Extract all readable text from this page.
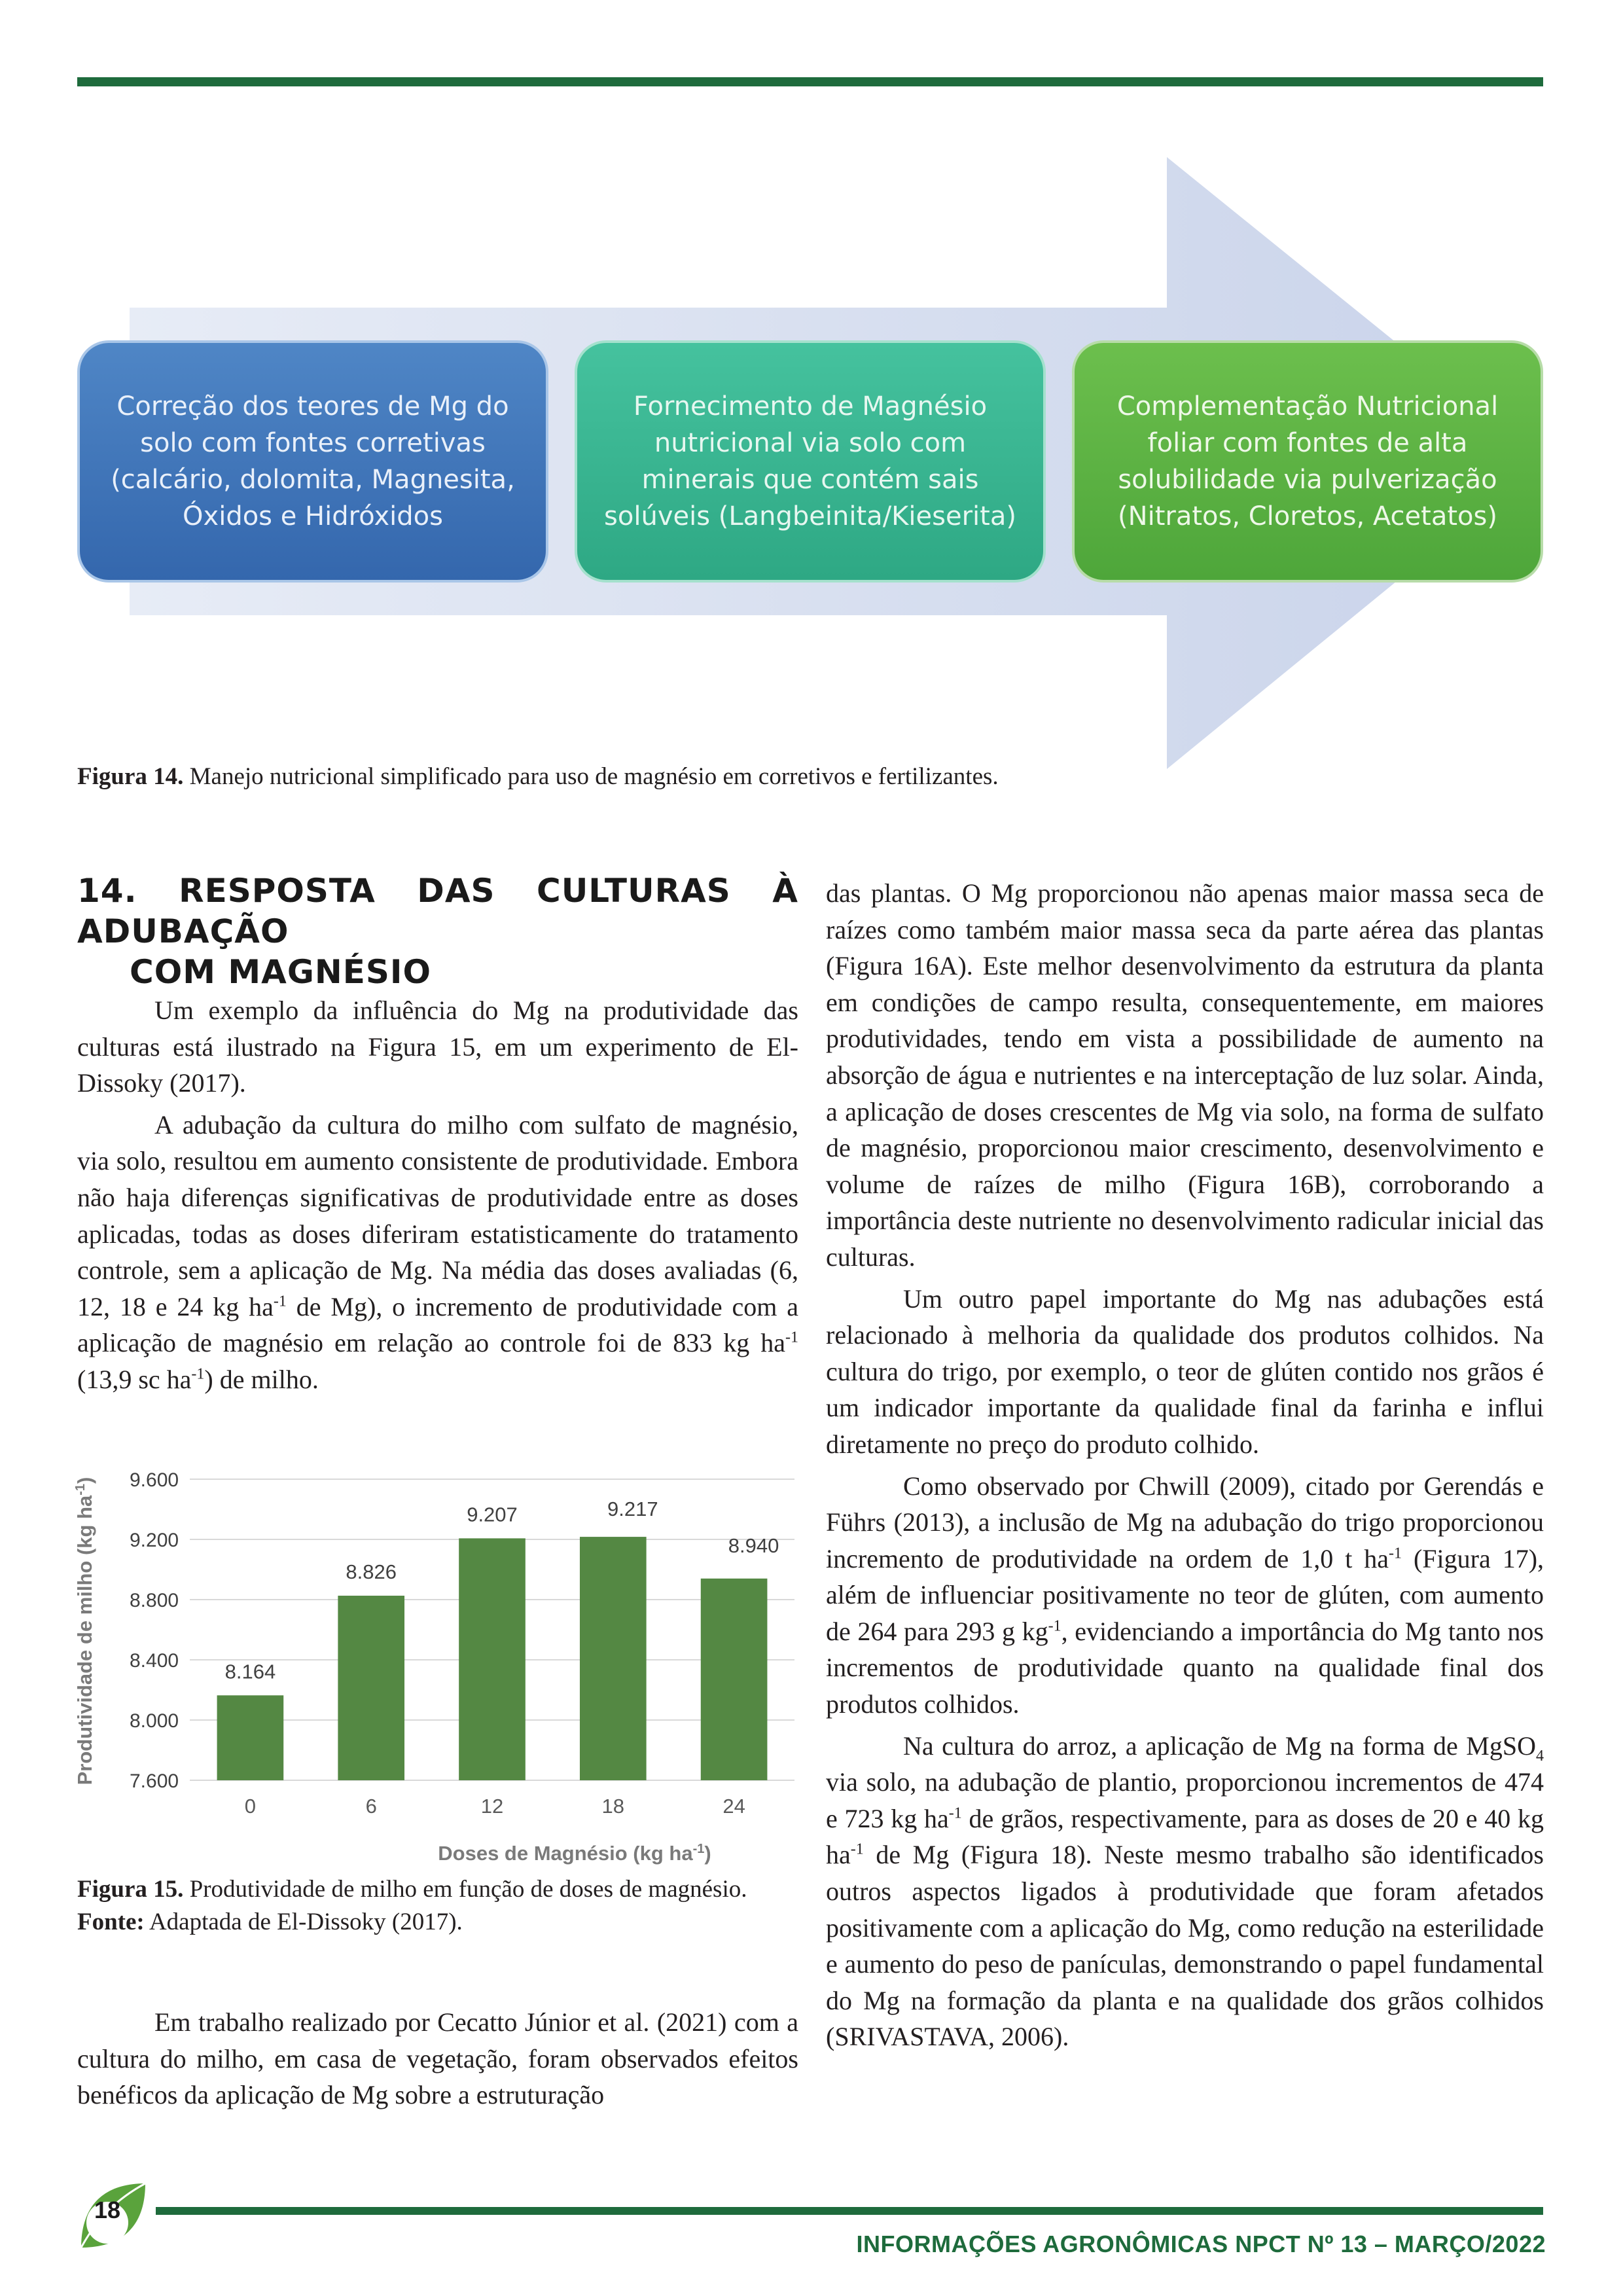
Correção dos teores de Mg do
solo com fontes corretivas
(calcário, dolomita, Magnesita,
Óxidos e Hidróxidos
Fornecimento de Magnésio
nutricional via solo com
minerais que contém sais
solúveis (Langbeinita/Kieserita)
Complementação Nutricional
foliar com fontes de alta
solubilidade via pulverização
(Nitratos, Cloretos, Acetatos)
Figura 14. Manejo nutricional simplificado para uso de magnésio em corretivos e fertilizantes.
14. RESPOSTA DAS CULTURAS À ADUBAÇÃO
COM MAGNÉSIO

Um exemplo da influência do Mg na produtividade das culturas está ilustrado na Figura 15, em um experimento de El-Dissoky (2017).

A adubação da cultura do milho com sulfato de magnésio, via solo, resultou em aumento consistente de produtividade. Embora não haja diferenças significativas de produtividade entre as doses aplicadas, todas as doses diferiram estatisticamente do tratamento controle, sem a aplicação de Mg. Na média das doses avaliadas (6, 12, 18 e 24 kg $ha^{-1}$ de Mg), o incremento de produtividade com a aplicação de magnésio em relação ao controle foi de 833 kg $ha^{-1}$ (13,9 sc $ha^{-1}$) de milho.

7.600
8.000
8.400
8.800
9.200
9.600
0	6	12	18	24
8.164
8.826
9.207	9.217
8.940
Produtividade de milho (kg $ha^{-1}$)
Doses de Magnésio (kg $ha^{-1}$)
Figura 15. Produtividade de milho em função de doses de magnésio.
Fonte: Adaptada de El-Dissoky (2017).

Em trabalho realizado por Cecatto Júnior et al. (2021) com a cultura do milho, em casa de vegetação, foram observados efeitos benéficos da aplicação de Mg sobre a estruturação

das plantas. O Mg proporcionou não apenas maior massa seca de raízes como também maior massa seca da parte aérea das plantas (Figura 16A). Este melhor desenvolvimento da estrutura da planta em condições de campo resulta, consequentemente, em maiores produtividades, tendo em vista a possibilidade de aumento na absorção de água e nutrientes e na interceptação de luz solar. Ainda, a aplicação de doses crescentes de Mg via solo, na forma de sulfato de magnésio, proporcionou maior crescimento, desenvolvimento e volume de raízes de milho (Figura 16B), corroborando a importância deste nutriente no desenvolvimento radicular inicial das culturas.

Um outro papel importante do Mg nas adubações está relacionado à melhoria da qualidade dos produtos colhidos. Na cultura do trigo, por exemplo, o teor de glúten contido nos grãos é um indicador importante da qualidade final da farinha e influi diretamente no preço do produto colhido.

Como observado por Chwill (2009), citado por Gerendás e Führs (2013), a inclusão de Mg na adubação do trigo proporcionou incremento de produtividade na ordem de 1,0 t $ha^{-1}$ (Figura 17), além de influenciar positivamente no teor de glúten, com aumento de 264 para 293 g $kg^{-1}$, evidenciando a importância do Mg tanto nos incrementos de produtividade quanto na qualidade final dos produtos colhidos.

Na cultura do arroz, a aplicação de Mg na forma de MgSO$_4$ via solo, na adubação de plantio, proporcionou incrementos de 474 e 723 kg $ha^{-1}$ de grãos, respectivamente, para as doses de 20 e 40 kg $ha^{-1}$ de Mg (Figura 18). Neste mesmo trabalho são identificados outros aspectos ligados à produtividade que foram afetados positivamente com a aplicação do Mg, como redução na esterilidade e aumento do peso de panículas, demonstrando o papel fundamental do Mg na formação da planta e na qualidade dos grãos colhidos (SRIVASTAVA, 2006).

18
INFORMAÇÕES AGRONÔMICAS NPCT Nº 13 – MARÇO/2022
